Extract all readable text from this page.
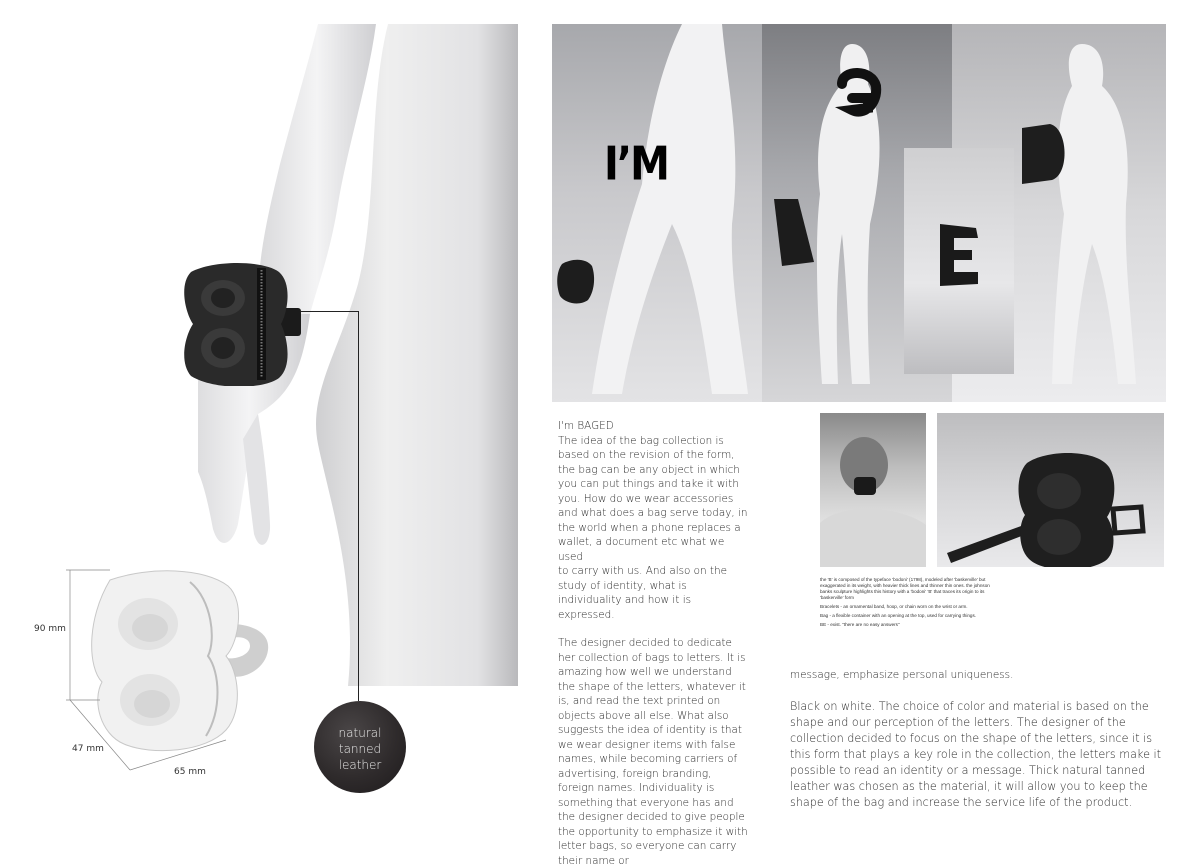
natural
tanned
leather
90 mm
47 mm
65 mm
I’M

I'm BAGED

The idea of the bag collection is based on the revision of the form, the bag can be any object in which you can put things and take it with you. How do we wear accessories and what does a bag serve today, in the world when a phone replaces a wallet, a document etc what we used

to carry with us. And also on the study of identity, what is individuality and how it is expressed.

The designer decided to dedicate her collection of bags to letters. It is amazing how well we understand the shape of the letters, whatever it is, and read the text printed on objects above all else. What also suggests the idea of identity is that we wear designer items with false names, while becoming carriers of advertising, foreign branding, foreign names. Individuality is something that everyone has and the designer decided to give people the opportunity to emphasize it with letter bags, so everyone can carry their name or

the 'B' is composed of the typeface 'bodoni' (1798), modeled after 'baskerville' but exaggerated in its weight, with heavier thick lines and thinner thin ones. the johnson banks sculpture highlights this history with a 'bodoni' 'B' that traces its origin to its 'baskerville' form

Bracelets - an ornamental band, hoop, or chain worn on the wrist or arm.

Bag - a flexible container with an opening at the top, used for carrying things.

BE - exist. "there are no easy answers"

message, emphasize personal uniqueness.

Black on white. The choice of color and material is based on the shape and our perception of the letters. The designer of the collection decided to focus on the shape of the letters, since it is this form that plays a key role in the collection, the letters make it possible to read an identity or a message. Thick natural tanned leather was chosen as the material, it will allow you to keep the shape of the bag and increase the service life of the product.
